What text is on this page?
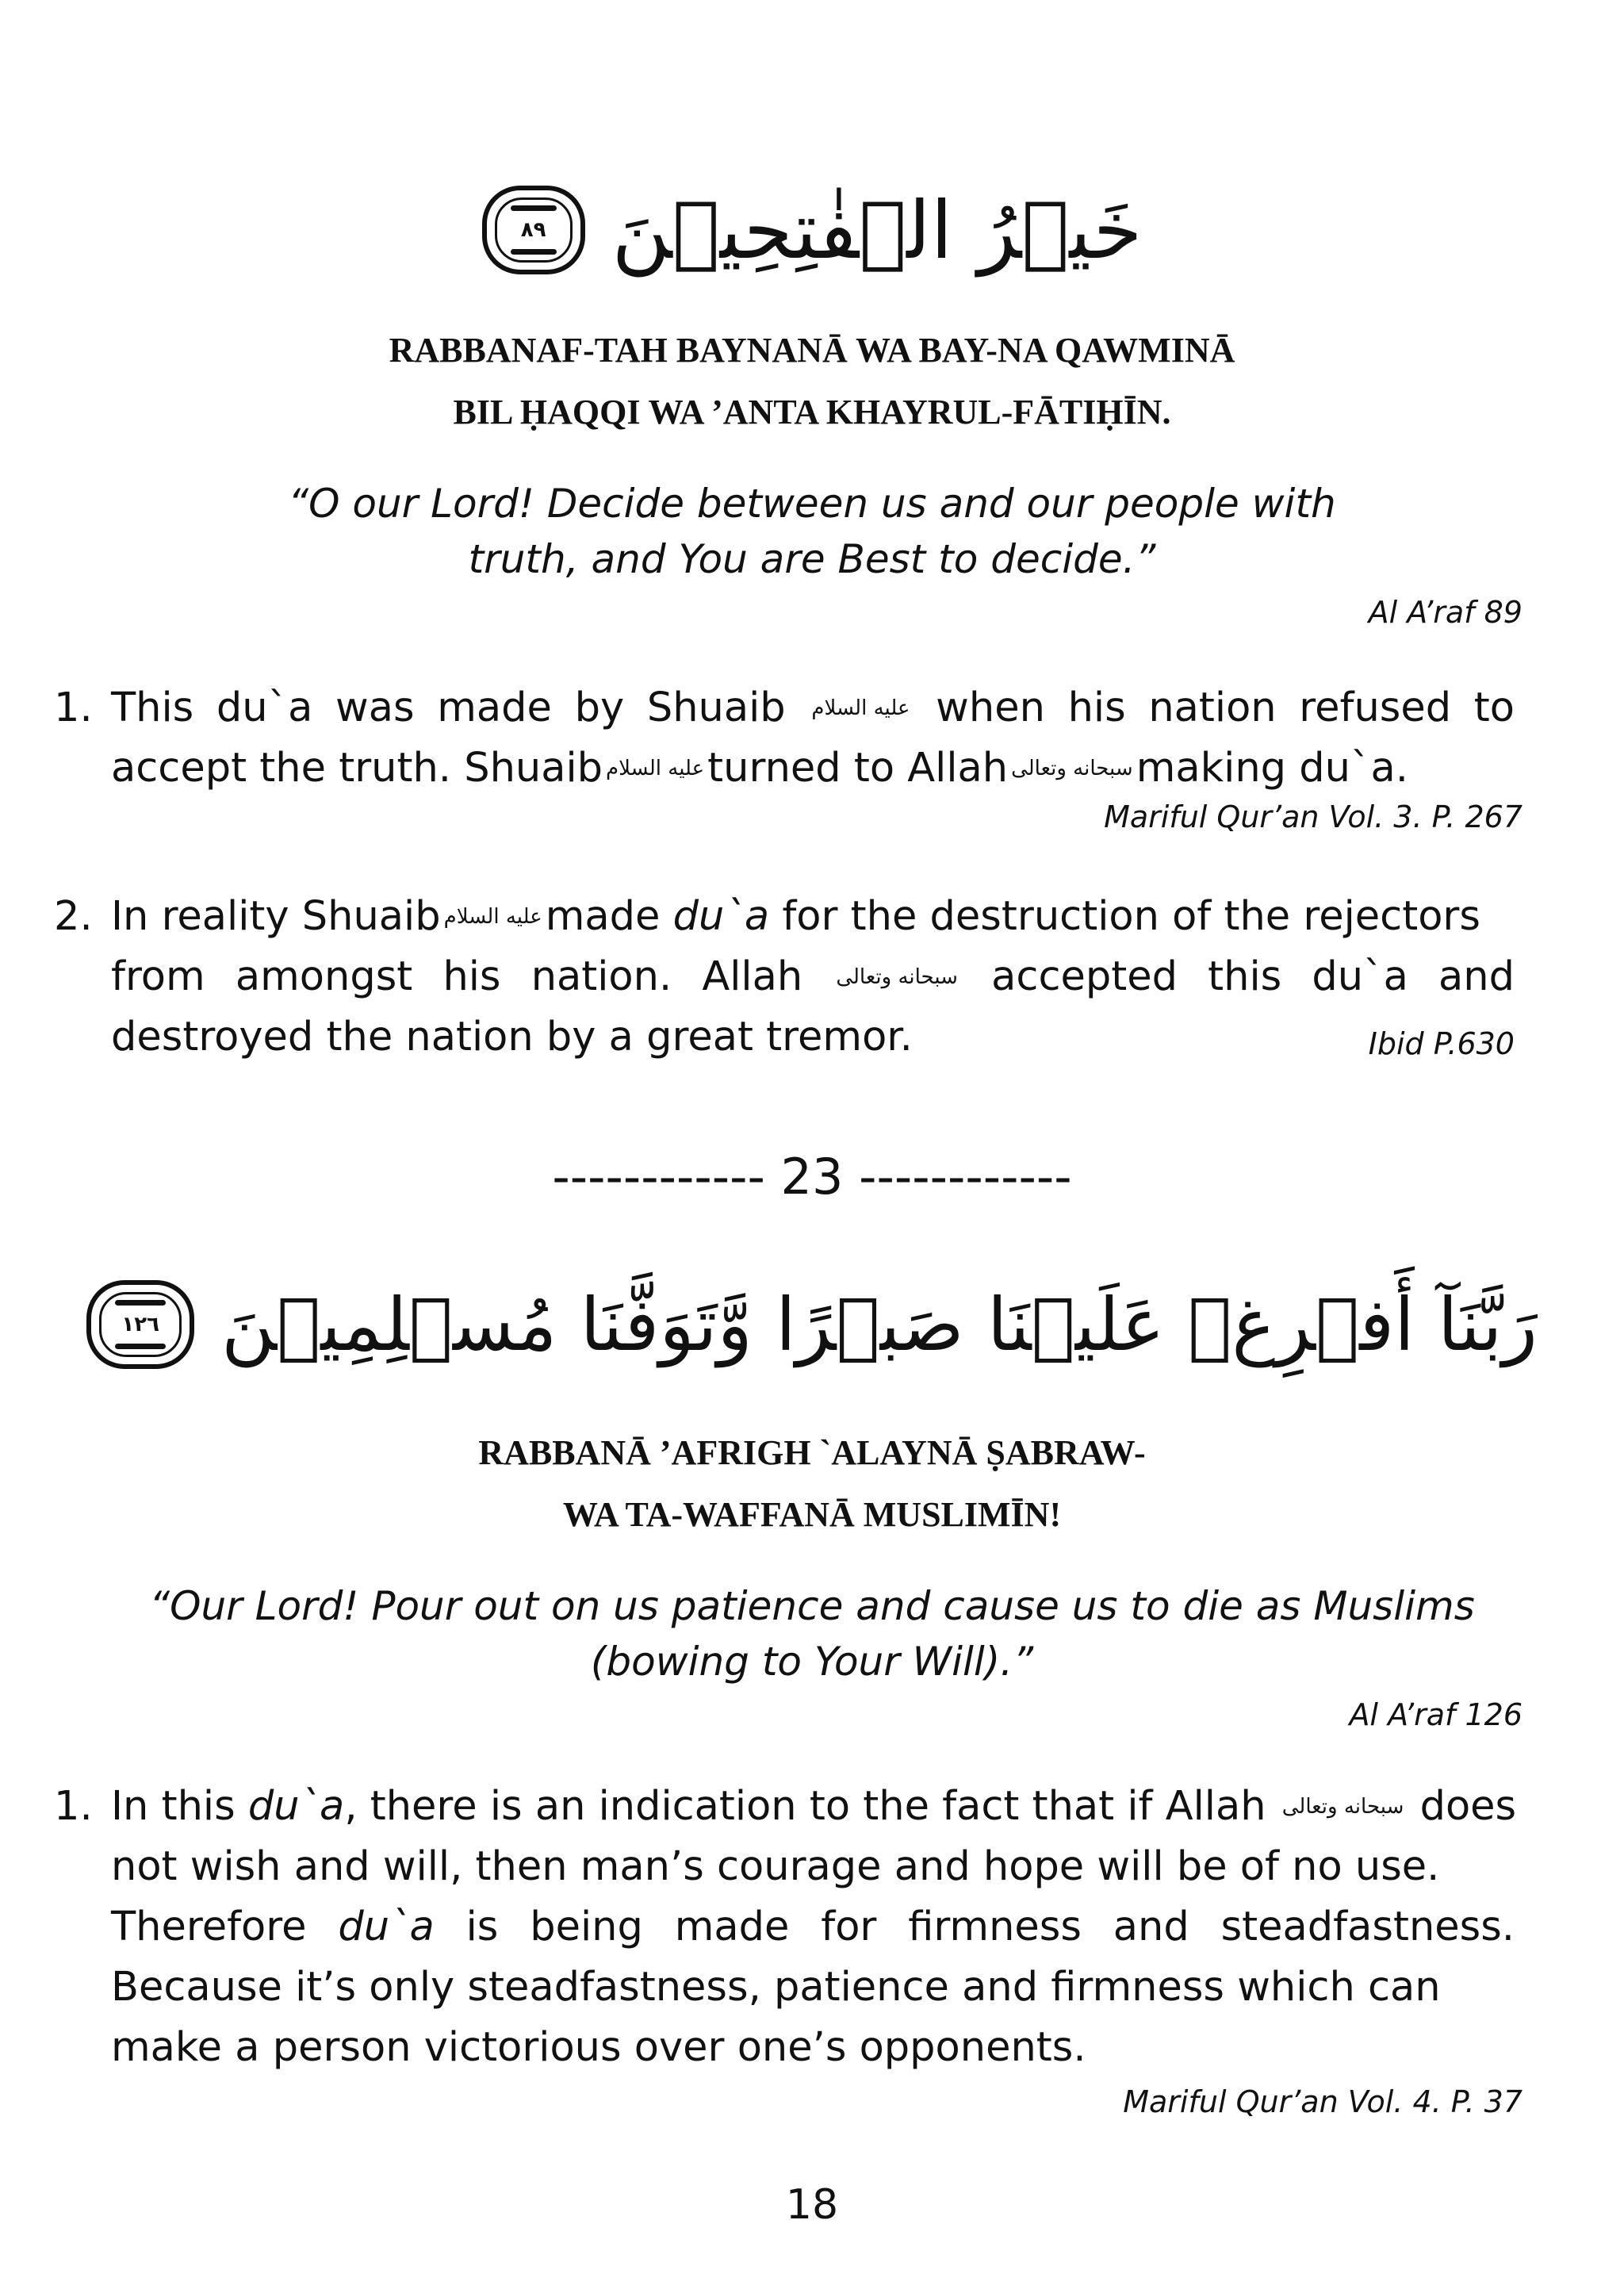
خَيۡرُ الۡفٰتِحِيۡنَ
٨٩
RABBANAF-TAH BAYNANĀ WA BAY-NA QAWMINĀ
BIL ḤAQQI WA ’ANTA KHAYRUL-FĀTIḤĪN.
“O our Lord! Decide between us and our people with
truth, and You are Best to decide.”
Al A’raf 89
1. This du`a was made by Shuaib عليه السلام when his nation refused to
accept the truth. Shuaib عليه السلامturned to Allah سبحانه وتعالىmaking du`a.
Mariful Qur’an Vol. 3. P. 267
2. In reality Shuaib عليه السلامmade du`a for the destruction of the rejectors
from amongst his nation. Allah سبحانه وتعالى accepted this du`a and
destroyed the nation by a great tremor.	Ibid P.630
------------ 23 ------------
رَبَّنَآ أَفۡرِغۡ عَلَيۡنَا صَبۡرًا وَّتَوَفَّنَا مُسۡلِمِيۡنَ
١٢٦
RABBANĀ ’AFRIGH `ALAYNĀ ṢABRAW-
WA TA-WAFFANĀ MUSLIMĪN!
“Our Lord! Pour out on us patience and cause us to die as Muslims
(bowing to Your Will).”
Al A’raf 126
1. In this du`a, there is an indication to the fact that if Allah سبحانه وتعالى does
not wish and will, then man’s courage and hope will be of no use.
Therefore du`a is being made for firmness and steadfastness.
Because it’s only steadfastness, patience and firmness which can
make a person victorious over one’s opponents.
Mariful Qur’an Vol. 4. P. 37
18
